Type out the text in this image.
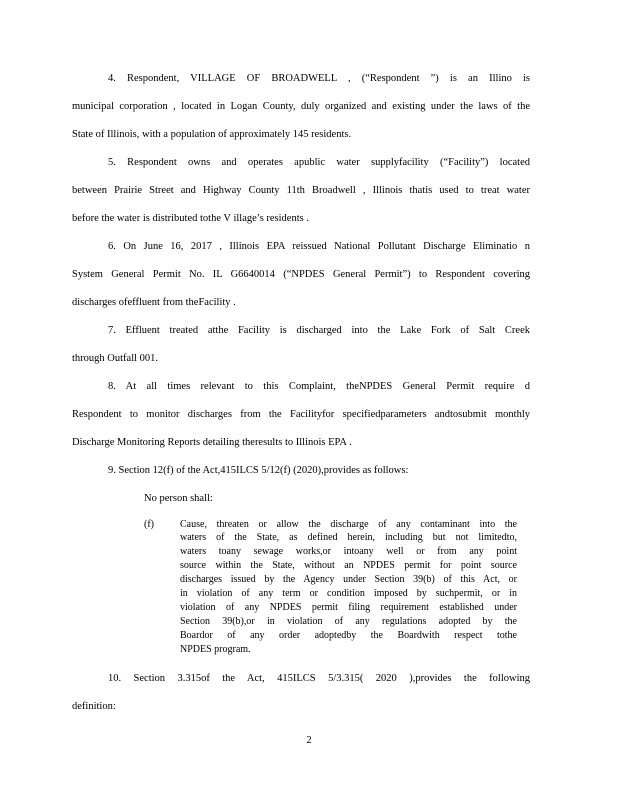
4. Respondent, VILLAGE OF BROADWELL , (“Respondent ”) is an Illino is
municipal corporation , located in Logan County, duly organized and existing under the laws of the
State of Illinois, with a population of approximately 145 residents.
5. Respondent owns and operates apublic water supplyfacility (“Facility”) located
between Prairie Street and Highway County 11th Broadwell , Illinois thatis used to treat water
before the water is distributed tothe V illage’s residents .
6. On June 16, 2017 , Illinois EPA reissued National Pollutant Discharge Eliminatio n
System General Permit No. IL G6640014 (“NPDES General Permit”) to Respondent covering
discharges ofeffluent from theFacility .
7. Effluent treated atthe Facility is discharged into the Lake Fork of Salt Creek
through Outfall 001.
8. At all times relevant to this Complaint, theNPDES General Permit require d
Respondent to monitor discharges from the Facilityfor specifiedparameters andtosubmit monthly
Discharge Monitoring Reports detailing theresults to Illinois EPA .
9. Section 12(f) of the Act,415ILCS 5/12(f) (2020),provides as follows:
No person shall:
(f)	Cause, threaten or allow the discharge of any contaminant into the
waters of the State, as defined herein, including but not limitedto,
waters toany sewage works,or intoany well or from any point
source within the State, without an NPDES permit for point source
discharges issued by the Agency under Section 39(b) of this Act, or
in violation of any term or condition imposed by suchpermit, or in
violation of any NPDES permit filing requirement established under
Section 39(b),or in violation of any regulations adopted by the
Boardor of any order adoptedby the Boardwith respect tothe
NPDES program.
10. Section 3.315of the Act, 415ILCS 5/3.315( 2020 ),provides the following
definition:
2
